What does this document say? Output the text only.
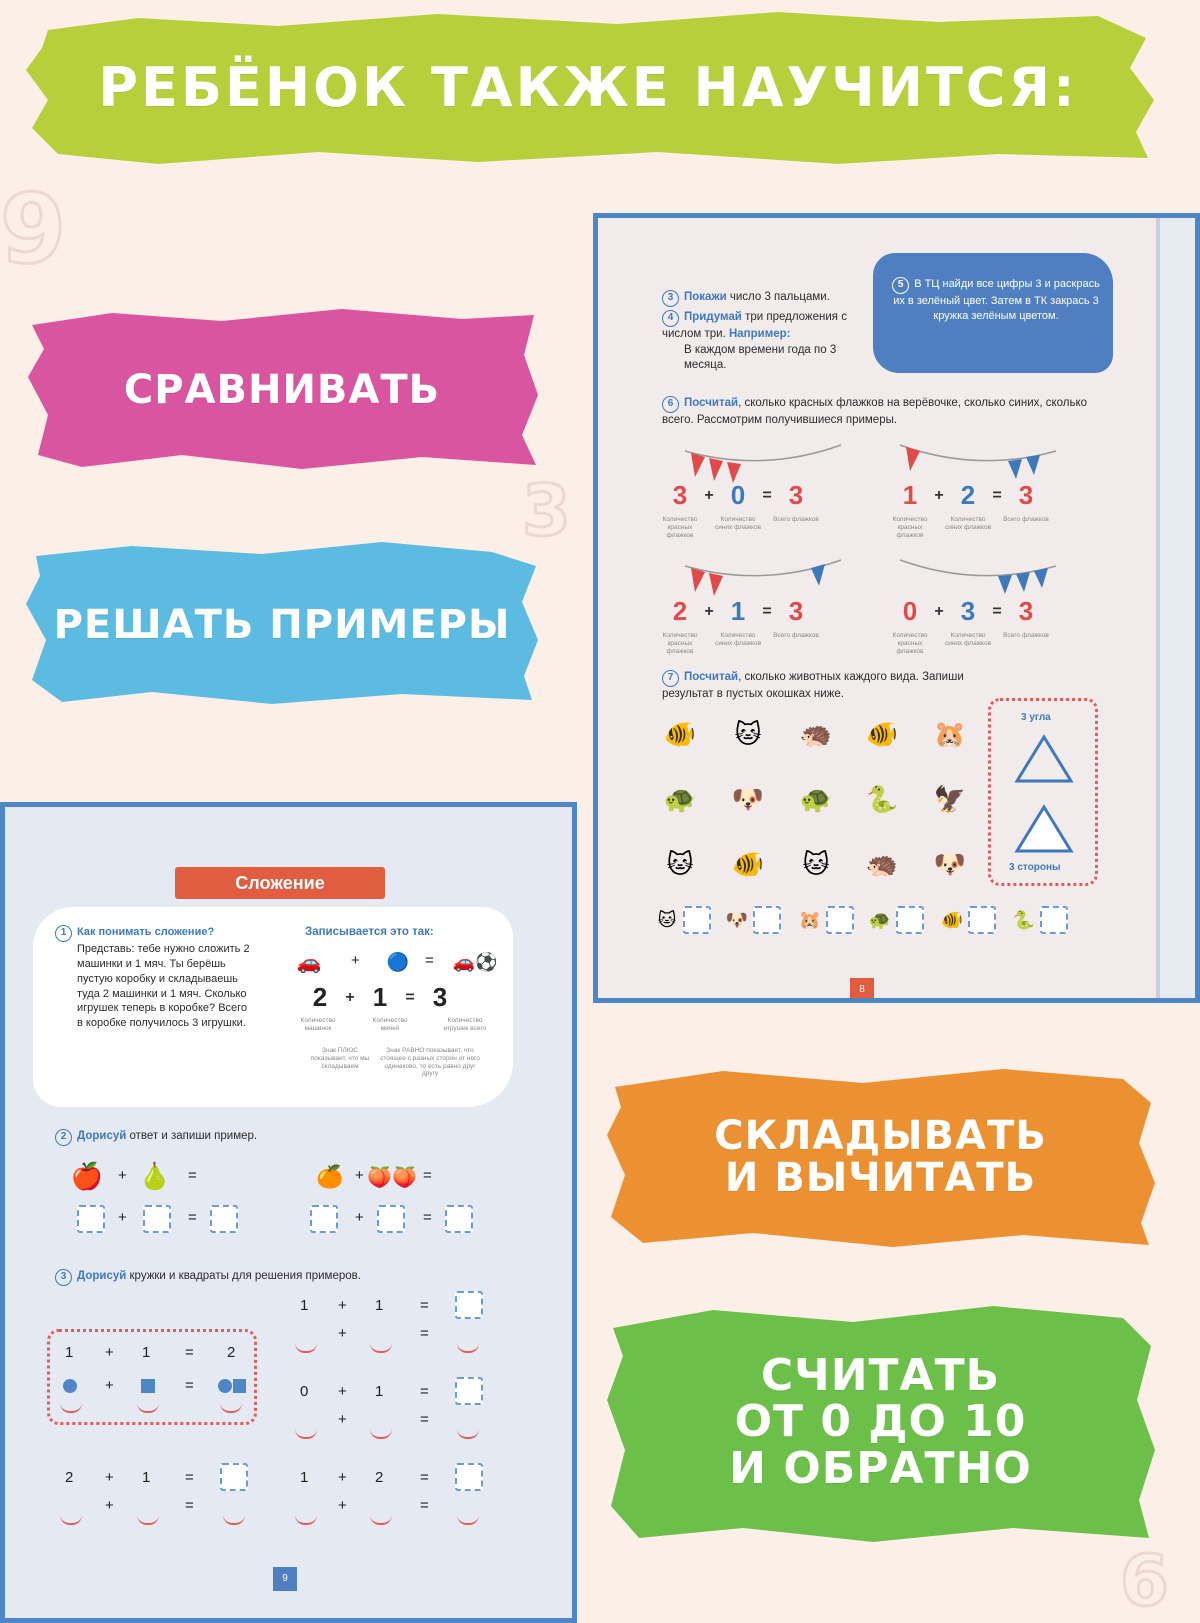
9
3
6
РЕБЁНОК ТАКЖЕ НАУЧИТСЯ:
СРАВНИВАТЬ
РЕШАТЬ ПРИМЕРЫ
СКЛАДЫВАТЬ
И ВЫЧИТАТЬ
СЧИТАТЬ
ОТ 0 ДО 10
И ОБРАТНО
3 Покажи число 3 пальцами.
4 Придумай три предложения с числом три. Например:
В каждом времени года по 3 месяца.
5 В ТЦ найди все цифры 3 и раскрась их в зелёный цвет. Затем в ТК закрась 3 кружка зелёным цветом.
6 Посчитай, сколько красных флажков на верёвочке, сколько синих, сколько всего. Рассмотрим получившиеся примеры.
3	+ 0	= 3
Количество красных флажков
Количество синих флажков
Всего флажков
1	+ 2	= 3
Количество красных флажков
Количество синих флажков
Всего флажков
2	+ 1	= 3
Количество красных флажков
Количество синих флажков
Всего флажков
0	+ 3	= 3
Количество красных флажков
Количество синих флажков
Всего флажков
7 Посчитай, сколько животных каждого вида. Запиши результат в пустых окошках ниже.
🐠	🐱	🦔 🐠 🐹
🐢 🐶 🐢 🐍 🦅
🐱	🐠	🐱	🦔 🐶
3 угла
3 стороны
🐱	🐶	🐹	🐢	🐠	🐍
8
Сложение
1 Как понимать сложение?
Представь: тебе нужно сложить 2 машинки и 1 мяч. Ты берёшь пустую коробку и складываешь туда 2 машинки и 1 мяч. Сколько игрушек теперь в коробке? Всего в коробке получилось 3 игрушки.
Записывается это так:
🚗	+ 🔵 =	🚗⚽
2	+ 1	= 3
Количество машинок
Количество мячей
Количество игрушек всего
Знак ПЛЮС показывает, что мы складываем
Знак РАВНО показывает, что стоящее с разных сторон от него одинаково, то есть равно друг другу
2 Дорисуй ответ и запиши пример.
🍎 + 🍐 =
+	=
🍊 + 🍑🍑 =
+	=
3 Дорисуй кружки и квадраты для решения примеров.
1 + 1 = 2
+	=
1 + 1 =
+	=
0 + 1 =
+	=
2 + 1 =
+	=
1 + 2 =
+	=
9
